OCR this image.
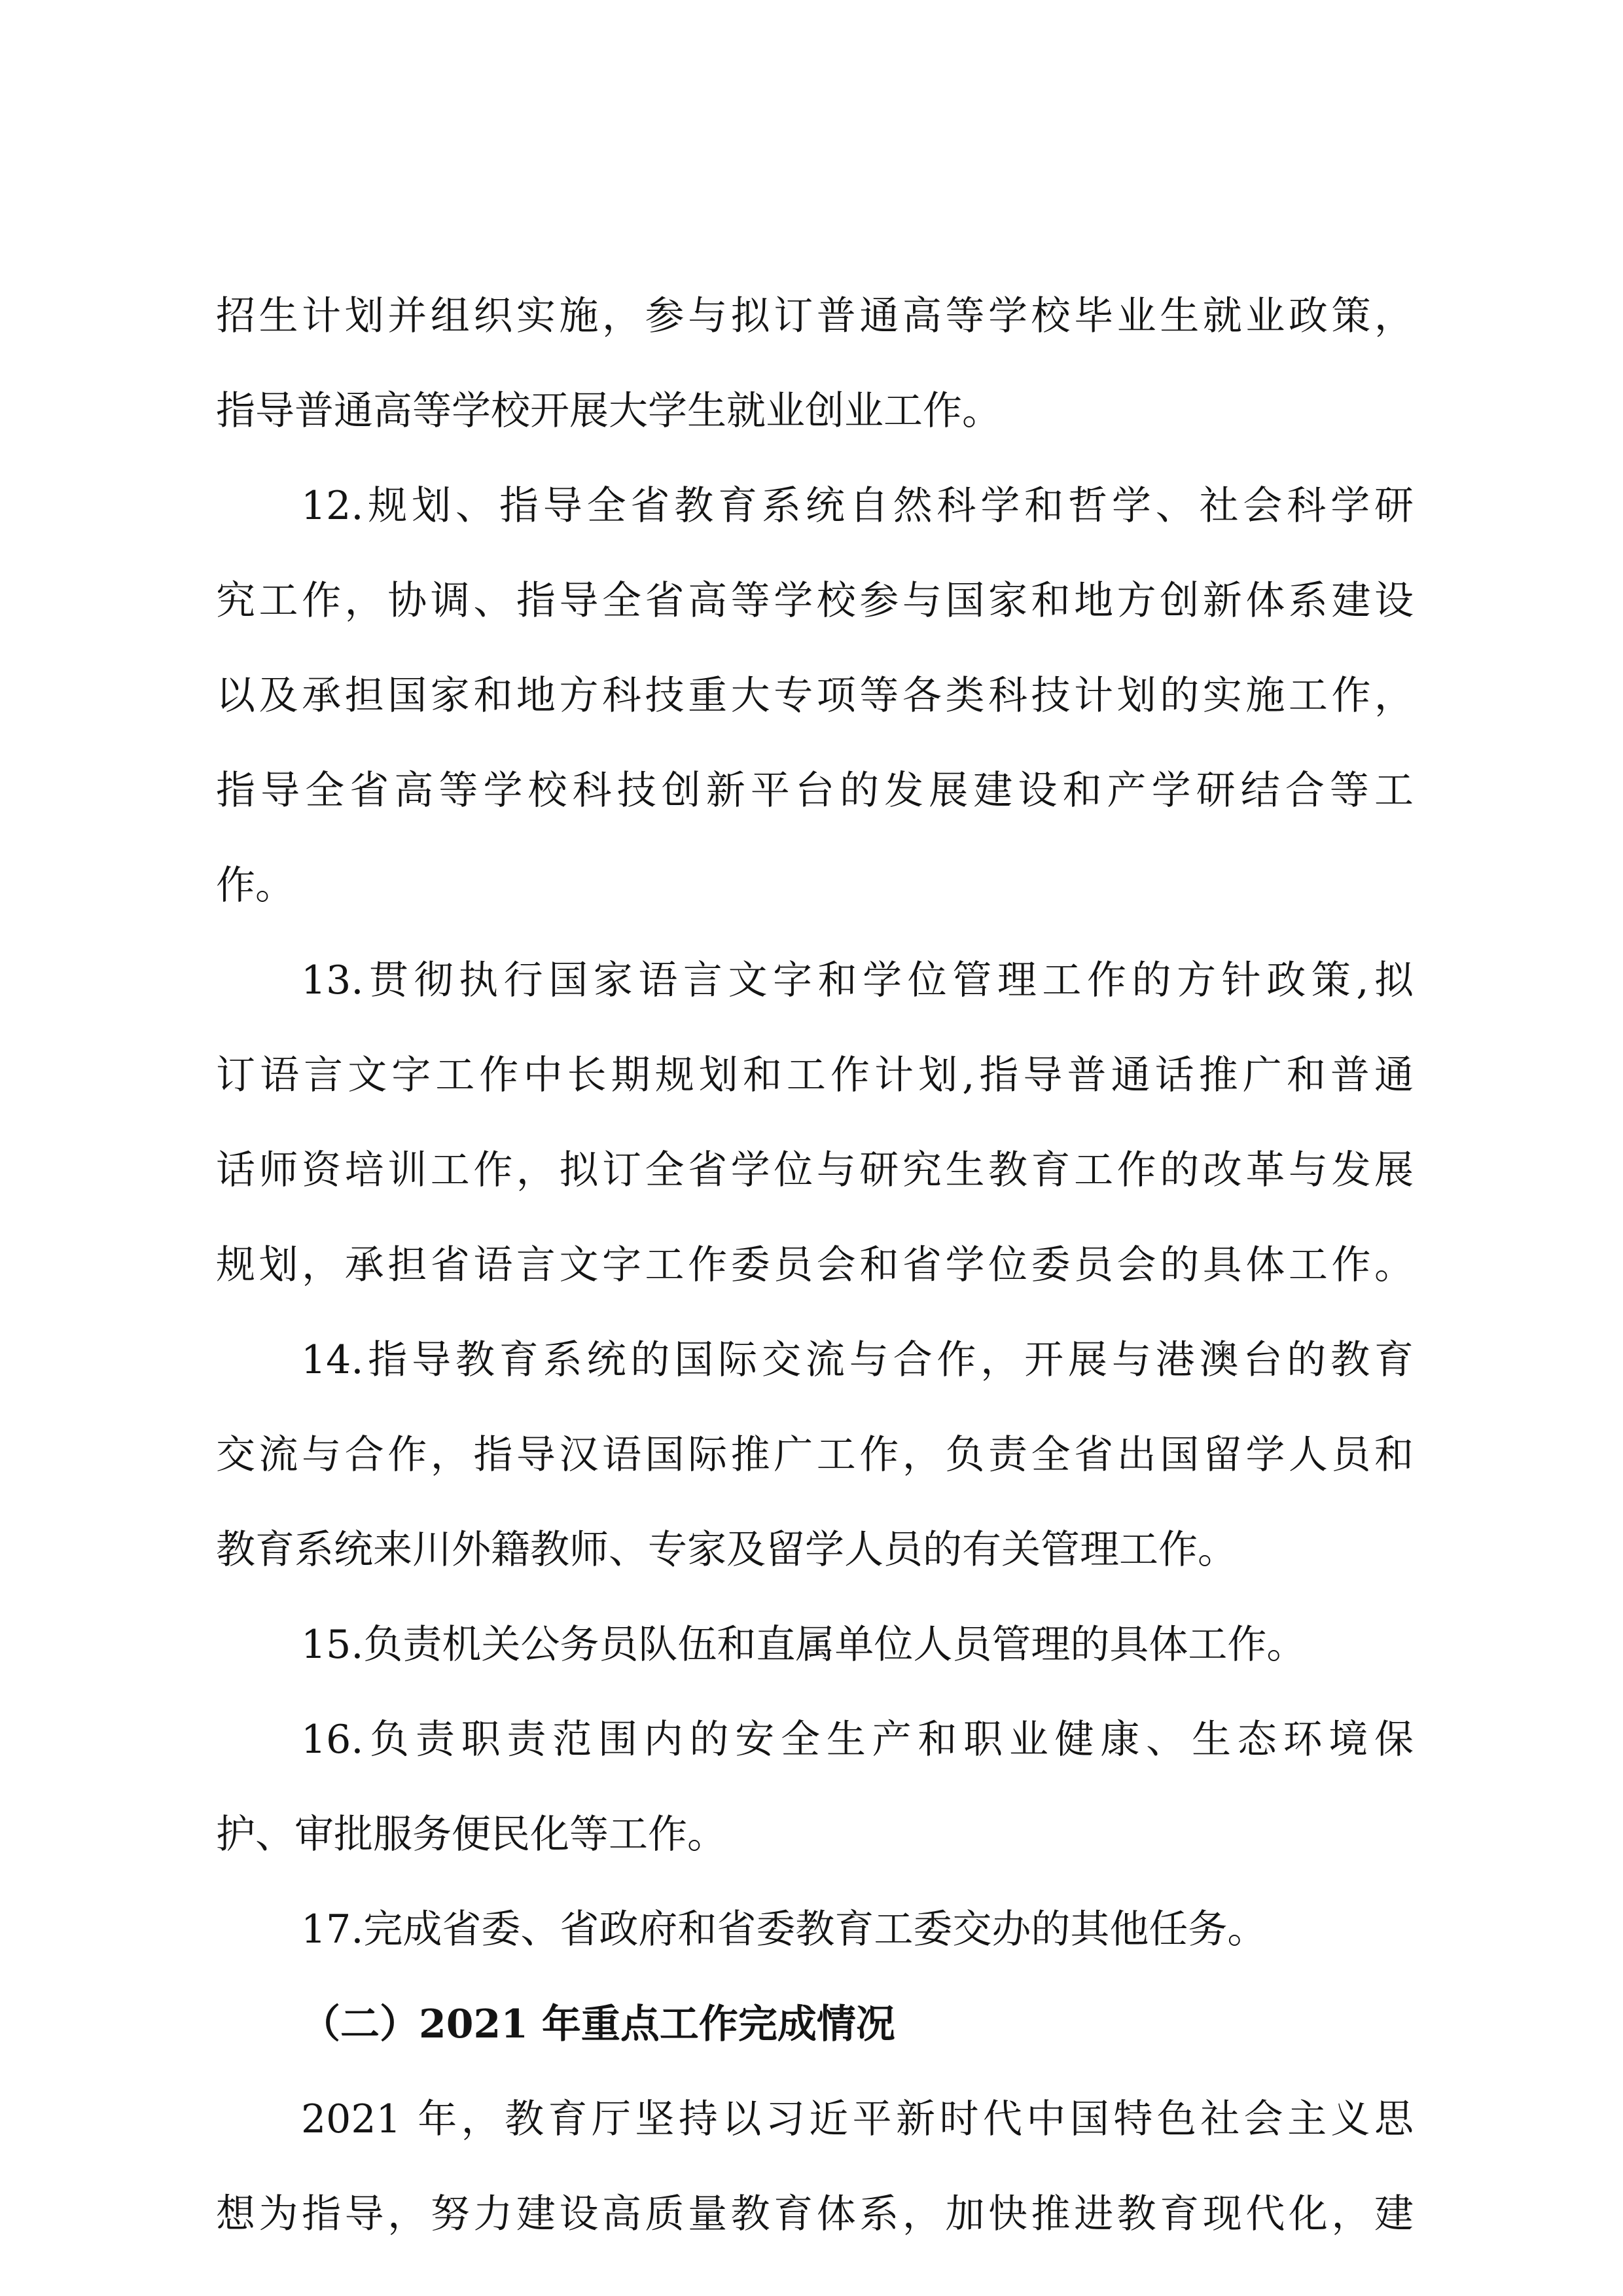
招生计划并组织实施，参与拟订普通高等学校毕业生就业政策，
指导普通高等学校开展大学生就业创业工作。
12.规划、指导全省教育系统自然科学和哲学、社会科学研
究工作，协调、指导全省高等学校参与国家和地方创新体系建设
以及承担国家和地方科技重大专项等各类科技计划的实施工作，
指导全省高等学校科技创新平台的发展建设和产学研结合等工
作。
13.贯彻执行国家语言文字和学位管理工作的方针政策,拟
订语言文字工作中长期规划和工作计划,指导普通话推广和普通
话师资培训工作，拟订全省学位与研究生教育工作的改革与发展
规划，承担省语言文字工作委员会和省学位委员会的具体工作。
14.指导教育系统的国际交流与合作，开展与港澳台的教育
交流与合作，指导汉语国际推广工作，负责全省出国留学人员和
教育系统来川外籍教师、专家及留学人员的有关管理工作。
15.负责机关公务员队伍和直属单位人员管理的具体工作。
16.负责职责范围内的安全生产和职业健康、生态环境保
护、审批服务便民化等工作。
17.完成省委、省政府和省委教育工委交办的其他任务。
（二）2021 年重点工作完成情况
2021 年，教育厅坚持以习近平新时代中国特色社会主义思
想为指导，努力建设高质量教育体系，加快推进教育现代化，建
